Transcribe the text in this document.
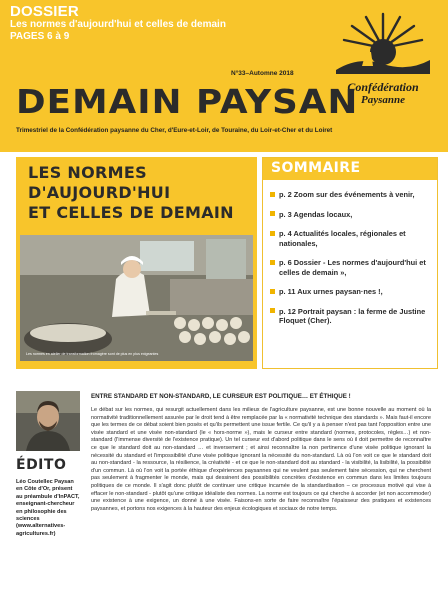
DOSSIER
Les normes d'aujourd'hui et celles de demain
PAGES 6 à 9
Confédération
Paysanne
N°33–Automne 2018
DEMAIN PAYSAN
Trimestriel de la Confédération paysanne du Cher, d'Eure-et-Loir, de Touraine, du Loir-et-Cher et du Loiret
LES NORMES
D'AUJOURD'HUI
ET CELLES DE DEMAIN
Les normes en atelier de transformation fromagère sont de plus en plus exigeantes
SOMMAIRE
p. 2 Zoom sur des événements à venir,
p. 3 Agendas locaux,
p. 4 Actualités locales, régionales et nationales,
p. 6 Dossier - Les normes d'aujourd'hui et celles de demain »,
p. 11 Aux urnes paysan·nes !,
p. 12 Portrait paysan : la ferme de Justine Floquet (Cher).
ÉDITO
Léo Coutellec Paysan en Côte d'Or, présent au préambule d'InPACT, enseignant-chercheur en philosophie des sciences (www.alternatives-agricultures.fr)
ENTRE STANDARD ET NON-STANDARD, LE CURSEUR EST POLITIQUE… ET ÉTHIQUE !

Le débat sur les normes, qui resurgit actuellement dans les milieux de l'agriculture paysanne, est une bonne nouvelle au moment où la normativité traditionnellement assurée par le droit tend à être remplacée par la « normativité technique des standards ». Mais faut-il encore que les termes de ce débat soient bien posés et qu'ils permettent une issue fertile. Ce qu'il y a à penser n'est pas tant l'opposition entre une visée standard et une visée non-standard (le « hors-norme »), mais le curseur entre standard (normes, protocoles, règles…) et non-standard (l'immense diversité de l'existence pratique). Un tel curseur est d'abord politique dans le sens où il doit permettre de reconnaître ce que le standard doit au non-standard … et inversement ; et ainsi reconnaître la non pertinence d'une visée politique ignorant la nécessité du standard et l'impossibilité d'une visée politique ignorant la nécessité du non-standard. Là où l'on voit ce que le standard doit au non-standard - la ressource, la résilience, la créativité - et ce que le non-standard doit au standard - la visibilité, la lisibilité, la possibilité d'un commun. Là où l'on voit la portée éthique d'expériences paysannes qui ne veulent pas seulement faire sécession, qui ne cherchent pas seulement à fragmenter le monde, mais qui dessinent des possibilités concrètes d'existence en commun dans les limites toujours politiques de ce monde. Il s'agit donc plutôt de continuer une critique incarnée de la standardisation – ce processus motivé qui vise à effacer le non-standard - plutôt qu'une critique idéaliste des normes. La norme est toujours ce qui cherche à accorder (et non accommoder) une existence à une exigence, un donné à une visée. Faisons-en sorte de faire reconnaître l'épaisseur des pratiques et existences paysannes, et portons nos exigences à la hauteur des enjeux écologiques et sociaux de notre temps.
